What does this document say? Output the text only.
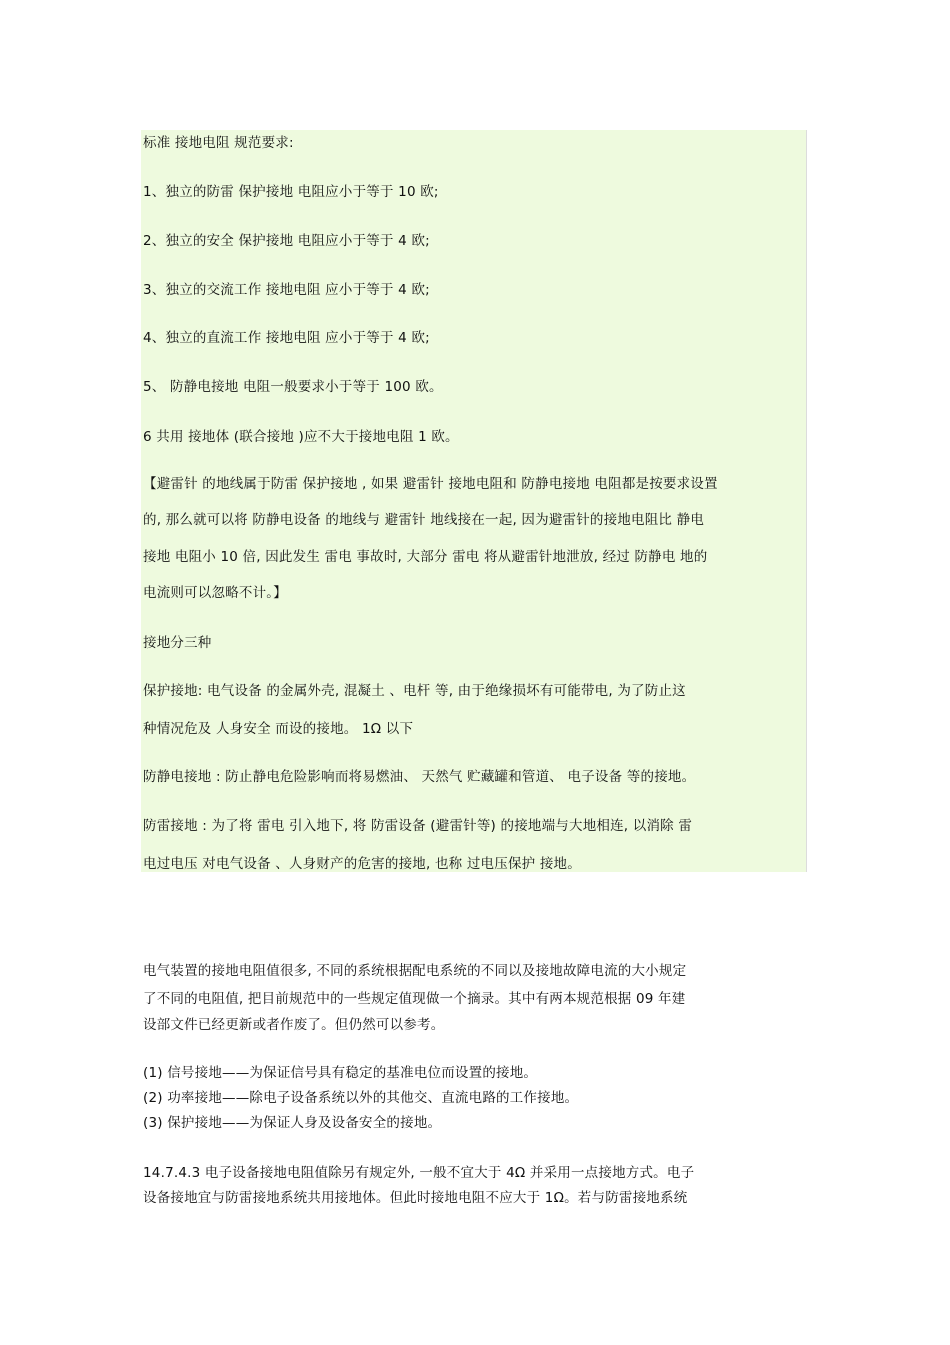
标准 接地电阻 规范要求:
1、独立的防雷 保护接地 电阻应小于等于 10 欧;
2、独立的安全 保护接地 电阻应小于等于 4 欧;
3、独立的交流工作 接地电阻 应小于等于 4 欧;
4、独立的直流工作 接地电阻 应小于等于 4 欧;
5、 防静电接地 电阻一般要求小于等于 100 欧。
6 共用 接地体 (联合接地 )应不大于接地电阻 1 欧。
【避雷针 的地线属于防雷 保护接地 , 如果 避雷针 接地电阻和 防静电接地 电阻都是按要求设置
的, 那么就可以将 防静电设备 的地线与 避雷针 地线接在一起, 因为避雷针的接地电阻比 静电
接地 电阻小 10 倍, 因此发生 雷电 事故时, 大部分 雷电 将从避雷针地泄放, 经过 防静电 地的
电流则可以忽略不计。】
接地分三种
保护接地: 电气设备 的金属外壳, 混凝土 、电杆 等, 由于绝缘损坏有可能带电, 为了防止这
种情况危及 人身安全 而设的接地。 1Ω 以下
防静电接地 : 防止静电危险影响而将易燃油、 天然气 贮藏罐和管道、 电子设备 等的接地。
防雷接地 : 为了将 雷电 引入地下, 将 防雷设备 (避雷针等) 的接地端与大地相连, 以消除 雷
电过电压 对电气设备 、人身财产的危害的接地, 也称 过电压保护 接地。
电气装置的接地电阻值很多, 不同的系统根据配电系统的不同以及接地故障电流的大小规定
了不同的电阻值, 把目前规范中的一些规定值现做一个摘录。其中有两本规范根据 09 年建
设部文件已经更新或者作废了。但仍然可以参考。
(1) 信号接地——为保证信号具有稳定的基准电位而设置的接地。
(2) 功率接地——除电子设备系统以外的其他交、直流电路的工作接地。
(3) 保护接地——为保证人身及设备安全的接地。
14.7.4.3 电子设备接地电阻值除另有规定外, 一般不宜大于 4Ω 并采用一点接地方式。电子
设备接地宜与防雷接地系统共用接地体。但此时接地电阻不应大于 1Ω。若与防雷接地系统
